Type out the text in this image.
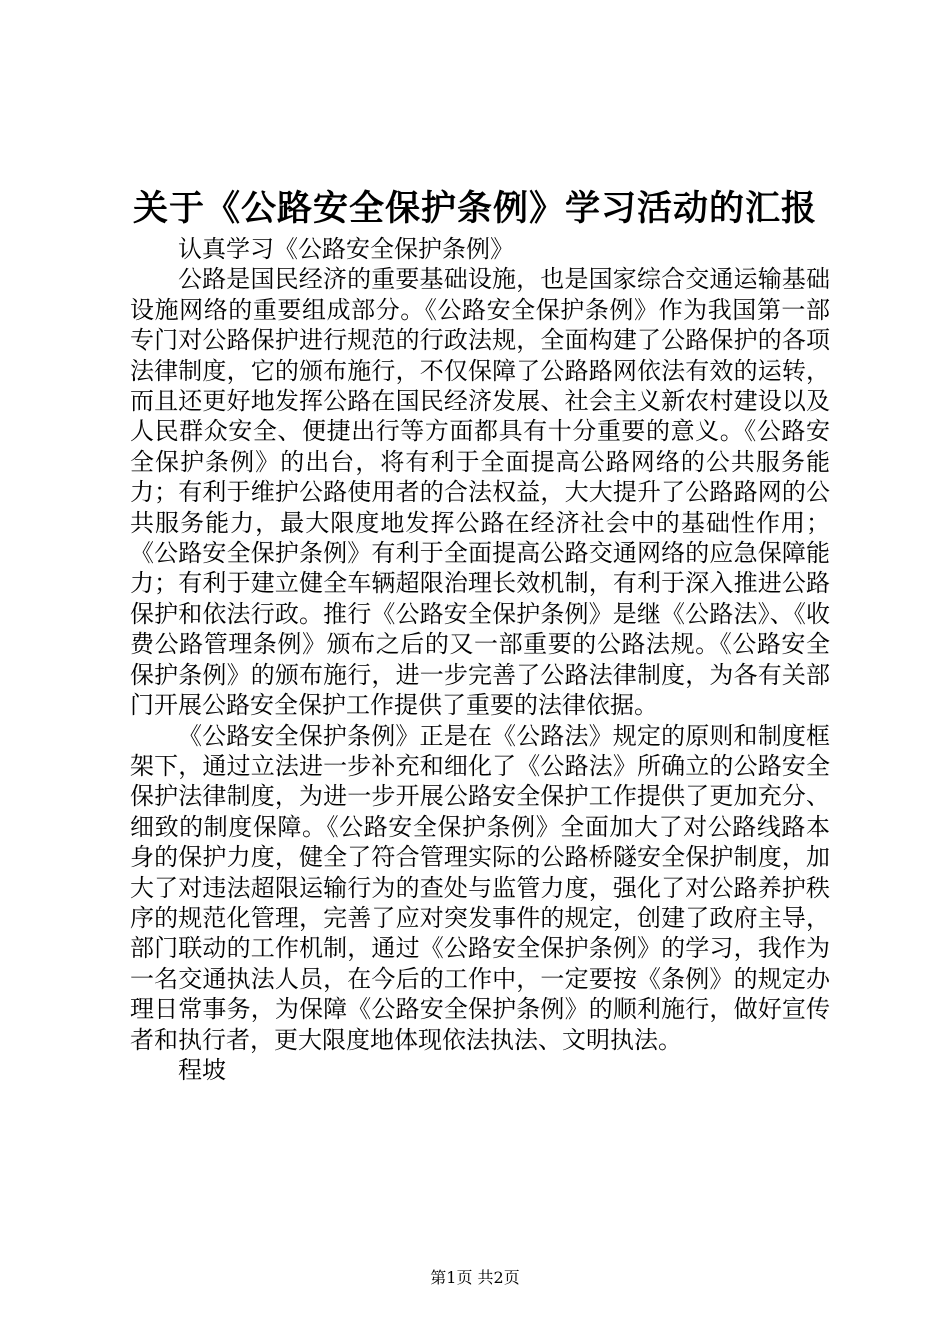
关于《公路安全保护条例》学习活动的汇报

认真学习《公路安全保护条例》

公路是国民经济的重要基础设施，也是国家综合交通运输基础设施网络的重要组成部分。《公路安全保护条例》作为我国第一部专门对公路保护进行规范的行政法规，全面构建了公路保护的各项法律制度，它的颁布施行，不仅保障了公路路网依法有效的运转，而且还更好地发挥公路在国民经济发展、社会主义新农村建设以及人民群众安全、便捷出行等方面都具有十分重要的意义。《公路安全保护条例》的出台，将有利于全面提高公路网络的公共服务能力；有利于维护公路使用者的合法权益，大大提升了公路路网的公共服务能力，最大限度地发挥公路在经济社会中的基础性作用；《公路安全保护条例》有利于全面提高公路交通网络的应急保障能力；有利于建立健全车辆超限治理长效机制，有利于深入推进公路保护和依法行政。推行《公路安全保护条例》是继《公路法》、《收费公路管理条例》颁布之后的又一部重要的公路法规。《公路安全保护条例》的颁布施行，进一步完善了公路法律制度，为各有关部门开展公路安全保护工作提供了重要的法律依据。

《公路安全保护条例》正是在《公路法》规定的原则和制度框架下，通过立法进一步补充和细化了《公路法》所确立的公路安全保护法律制度，为进一步开展公路安全保护工作提供了更加充分、细致的制度保障。《公路安全保护条例》全面加大了对公路线路本身的保护力度，健全了符合管理实际的公路桥隧安全保护制度，加大了对违法超限运输行为的查处与监管力度，强化了对公路养护秩序的规范化管理，完善了应对突发事件的规定，创建了政府主导，部门联动的工作机制，通过《公路安全保护条例》的学习，我作为一名交通执法人员，在今后的工作中，一定要按《条例》的规定办理日常事务，为保障《公路安全保护条例》的顺利施行，做好宣传者和执行者，更大限度地体现依法执法、文明执法。

程坡

第1页 共2页
